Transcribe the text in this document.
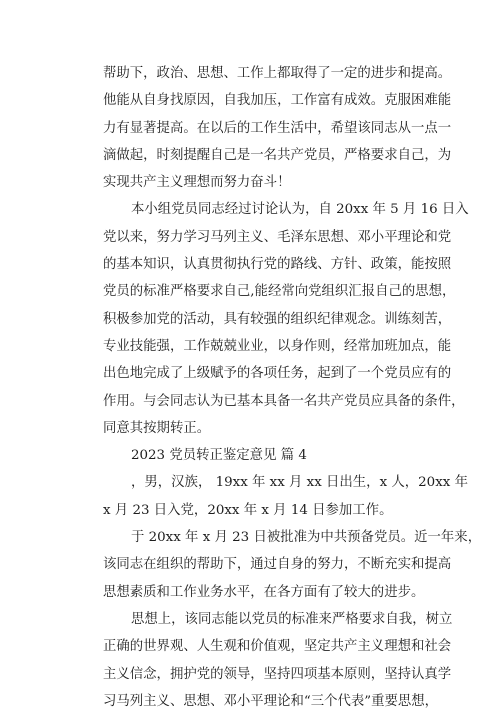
帮助下，政治、思想、工作上都取得了一定的进步和提高。
他能从自身找原因，自我加压，工作富有成效。克服困难能
力有显著提高。在以后的工作生活中，希望该同志从一点一
滴做起，时刻提醒自己是一名共产党员，严格要求自己，为
实现共产主义理想而努力奋斗！
本小组党员同志经过讨论认为，自 20xx 年 5 月 16 日入
党以来，努力学习马列主义、毛泽东思想、邓小平理论和党
的基本知识，认真贯彻执行党的路线、方针、政策，能按照
党员的标准严格要求自己,能经常向党组织汇报自己的思想，
积极参加党的活动，具有较强的组织纪律观念。训练刻苦，
专业技能强，工作兢兢业业，以身作则，经常加班加点，能
出色地完成了上级赋予的各项任务，起到了一个党员应有的
作用。与会同志认为已基本具备一名共产党员应具备的条件，
同意其按期转正。
2023 党员转正鉴定意见 篇 4
，男，汉族， 19xx 年 xx 月 xx 日出生，x 人，20xx 年
x 月 23 日入党，20xx 年 x 月 14 日参加工作。
于 20xx 年 x 月 23 日被批准为中共预备党员。近一年来，
该同志在组织的帮助下，通过自身的努力，不断充实和提高
思想素质和工作业务水平，在各方面有了较大的进步。
思想上，该同志能以党员的标准来严格要求自我，树立
正确的世界观、人生观和价值观，坚定共产主义理想和社会
主义信念，拥护党的领导，坚持四项基本原则，坚持认真学
习马列主义、思想、邓小平理论和“三个代表”重要思想，
